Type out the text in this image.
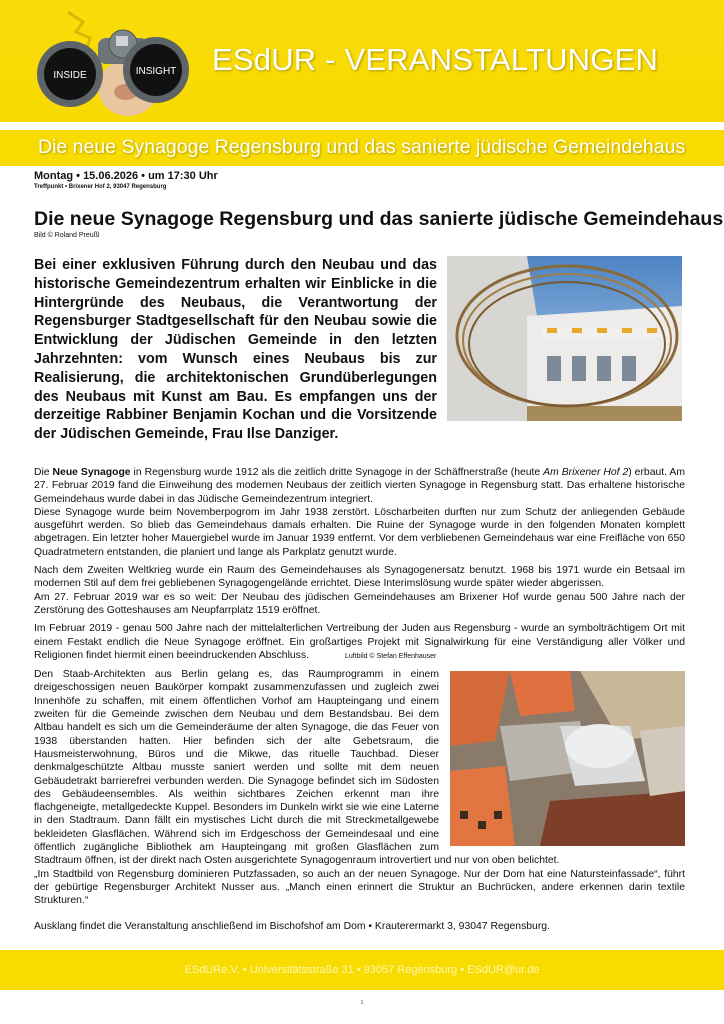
INSIDE	INSIGHT ESdUR - VERANSTALTUNGEN
Die neue Synagoge Regensburg und das sanierte jüdische Gemeindehaus
Montag • 15.06.2026 • um 17:30 Uhr
Treffpunkt • Brixener Hof 2, 93047 Regensburg
Die neue Synagoge Regensburg und das sanierte jüdische Gemeindehaus
Bild © Roland Preußl

Bei einer exklusiven Führung durch den Neubau und das historische Gemeindezentrum erhalten wir Einblicke in die Hintergründe des Neubaus, die Verantwortung der Regensburger Stadtgesellschaft für den Neubau sowie die Entwicklung der Jüdischen Gemeinde in den letzten Jahrzehnten: vom Wunsch eines Neubaus bis zur Realisierung, die architektonischen Grundüberlegungen des Neubaus mit Kunst am Bau. Es empfangen uns der derzeitige Rabbiner Benjamin Kochan und die Vorsitzende der Jüdischen Gemeinde, Frau Ilse Danziger.

Die Neue Synagoge in Regensburg wurde 1912 als die zeitlich dritte Synagoge in der Schäffnerstraße (heute Am Brixener Hof 2) erbaut. Am 27. Februar 2019 fand die Einweihung des modernen Neubaus der zeitlich vierten Synagoge in Regensburg statt. Das erhaltene historische Gemeindehaus wurde dabei in das Jüdische Gemeindezentrum integriert.

Diese Synagoge wurde beim Novemberpogrom im Jahr 1938 zerstört. Löscharbeiten durften nur zum Schutz der anliegenden Gebäude ausgeführt werden. So blieb das Gemeindehaus damals erhalten. Die Ruine der Synagoge wurde in den folgenden Monaten komplett abgetragen. Ein letzter hoher Mauergiebel wurde im Januar 1939 entfernt. Vor dem verbliebenen Gemeindehaus war eine Freifläche von 650 Quadratmetern entstanden, die planiert und lange als Parkplatz genutzt wurde.

Nach dem Zweiten Weltkrieg wurde ein Raum des Gemeindehauses als Synagogenersatz benutzt. 1968 bis 1971 wurde ein Betsaal im modernen Stil auf dem frei gebliebenen Synagogengelände errichtet. Diese Interimslösung wurde später wieder abgerissen.

Am 27. Februar 2019 war es so weit: Der Neubau des jüdischen Gemeindehauses am Brixener Hof wurde genau 500 Jahre nach der Zerstörung des Gotteshauses am Neupfarrplatz 1519 eröffnet.

Im Februar 2019 - genau 500 Jahre nach der mittelalterlichen Vertreibung der Juden aus Regensburg - wurde an symbolträchtigem Ort mit einem Festakt endlich die Neue Synagoge eröffnet. Ein großartiges Projekt mit Signalwirkung für eine Verständigung aller Völker und Religionen findet hiermit einen beeindruckenden Abschluss.	Luftbild © Stefan Effenhauser

Den Staab-Architekten aus Berlin gelang es, das Raumprogramm in einem dreigeschossigen neuen Baukörper kompakt zusammenzufassen und zugleich zwei Innenhöfe zu schaffen, mit einem öffentlichen Vorhof am Haupteingang und einem zweiten für die Gemeinde zwischen dem Neubau und dem Bestandsbau. Bei dem Altbau handelt es sich um die Gemeinderäume der alten Synagoge, die das Feuer von 1938 überstanden hatten. Hier befinden sich der alte Gebetsraum, die Hausmeisterwohnung, Büros und die Mikwe, das rituelle Tauchbad. Dieser denkmalgeschützte Altbau musste saniert werden und sollte mit dem neuen Gebäudetrakt barrierefrei verbunden werden. Die Synagoge befindet sich im Südosten des Gebäudeensembles. Als weithin sichtbares Zeichen erkennt man ihre flachgeneigte, metallgedeckte Kuppel. Besonders im Dunkeln wirkt sie wie eine Laterne in den Stadtraum. Dann fällt ein mystisches Licht durch die mit Streckmetallgewebe bekleideten Glasflächen. Während sich im Erdgeschoss der Gemeindesaal und eine öffentlich zugängliche Bibliothek am Haupteingang mit großen Glasflächen zum Stadtraum öffnen, ist der direkt nach Osten ausgerichtete Synagogenraum introvertiert und nur von oben belichtet.

„Im Stadtbild von Regensburg dominieren Putzfassaden, so auch an der neuen Synagoge. Nur der Dom hat eine Natursteinfassade“, führt der gebürtige Regensburger Architekt Nusser aus. „Manch einen erinnert die Struktur an Buchrücken, andere erkennen darin textile Strukturen.“

Ausklang findet die Veranstaltung anschließend im Bischofshof am Dom • Krauterermarkt 3, 93047 Regensburg.

ESdURe.V. • Universitätsstraße 31 • 93057 Regensburg • ESdUR@ur.de
1
